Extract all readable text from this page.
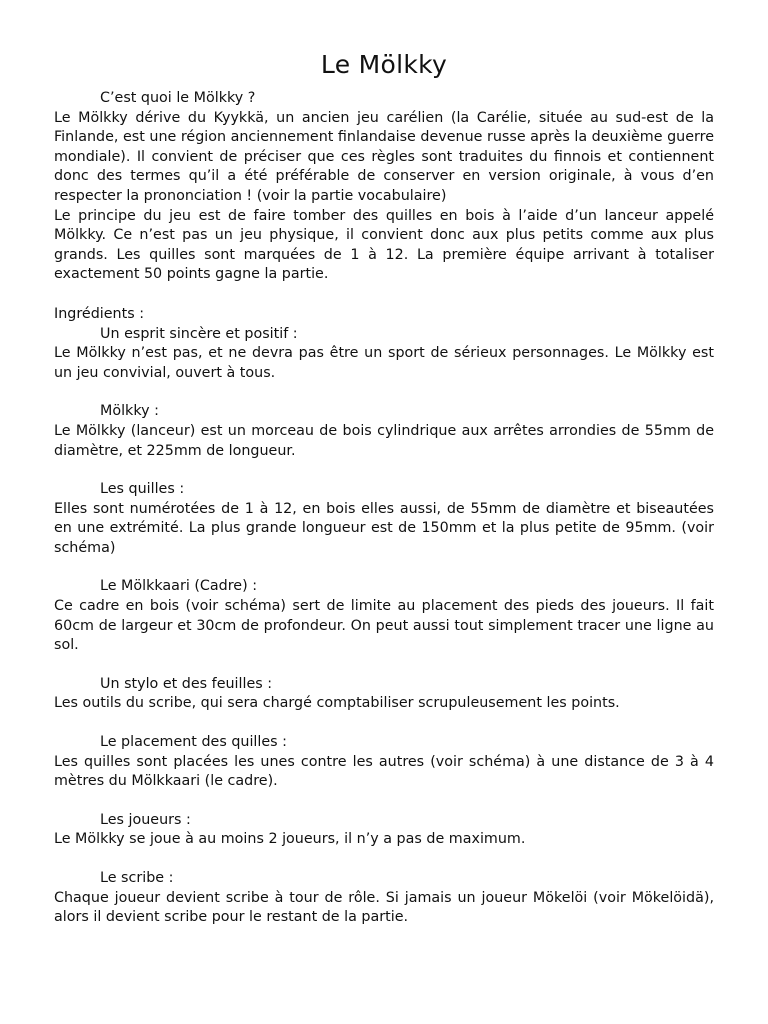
Le Mölkky

C’est quoi le Mölkky ?

Le Mölkky dérive du Kyykkä, un ancien jeu carélien (la Carélie, située au sud-est de la Finlande, est une région anciennement finlandaise devenue russe après la deuxième guerre mondiale). Il convient de préciser que ces règles sont traduites du finnois et contiennent donc des termes qu’il a été préférable de conserver en version originale, à vous d’en respecter la prononciation ! (voir la partie vocabulaire)

Le principe du jeu est de faire tomber des quilles en bois à l’aide d’un lanceur appelé Mölkky. Ce n’est pas un jeu physique, il convient donc aux plus petits comme aux plus grands. Les quilles sont marquées de 1 à 12. La première équipe arrivant à totaliser exactement 50 points gagne la partie.

Ingrédients :

Un esprit sincère et positif :

Le Mölkky n’est pas, et ne devra pas être un sport de sérieux personnages. Le Mölkky est un jeu convivial, ouvert à tous.

Mölkky :

Le Mölkky (lanceur) est un morceau de bois cylindrique aux arrêtes arrondies de 55mm de diamètre, et 225mm de longueur.

Les quilles :

Elles sont numérotées de 1 à 12, en bois elles aussi, de 55mm de diamètre et biseautées en une extrémité. La plus grande longueur est de 150mm et la plus petite de 95mm. (voir schéma)

Le Mölkkaari (Cadre) :

Ce cadre en bois (voir schéma) sert de limite au placement des pieds des joueurs. Il fait 60cm de largeur et 30cm de profondeur. On peut aussi tout simplement tracer une ligne au sol.

Un stylo et des feuilles :

Les outils du scribe, qui sera chargé comptabiliser scrupuleusement les points.

Le placement des quilles :

Les quilles sont placées les unes contre les autres (voir schéma) à une distance de 3 à 4 mètres du Mölkkaari (le cadre).

Les joueurs :

Le Mölkky se joue à au moins 2 joueurs, il n’y a pas de maximum.

Le scribe :

Chaque joueur devient scribe à tour de rôle. Si jamais un joueur Mökelöi (voir Mökelöidä), alors il devient scribe pour le restant de la partie.
